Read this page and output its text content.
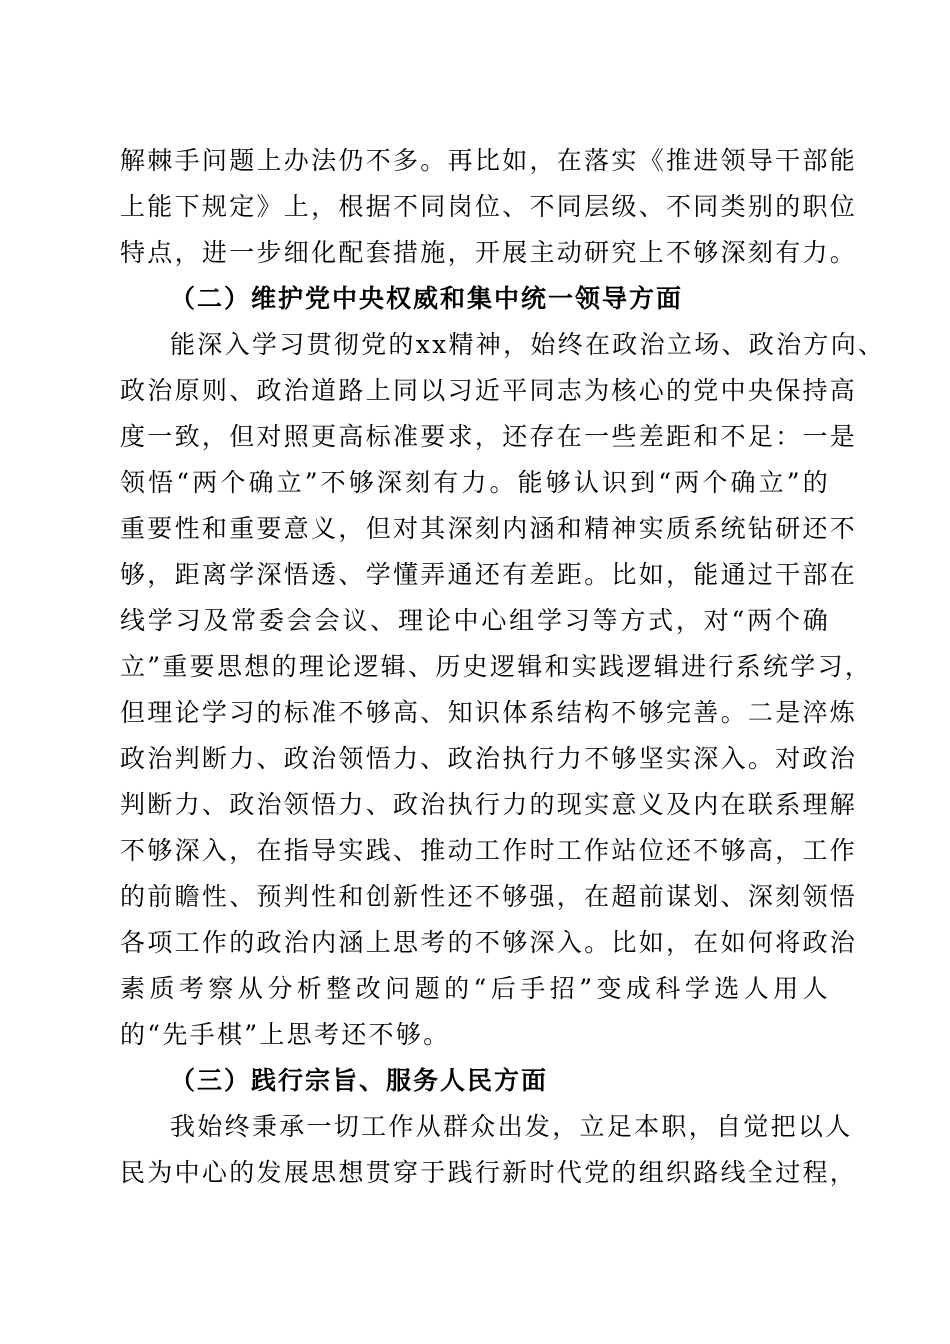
解棘手问题上办法仍不多。再比如，在落实《推进领导干部能
上能下规定》上，根据不同岗位、不同层级、不同类别的职位
特点，进一步细化配套措施，开展主动研究上不够深刻有力。
（二）维护党中央权威和集中统一领导方面
能深入学习贯彻党的xx精神，始终在政治立场、政治方向、
政治原则、政治道路上同以习近平同志为核心的党中央保持高
度一致，但对照更高标准要求，还存在一些差距和不足：一是
领悟“两个确立”不够深刻有力。能够认识到“两个确立”的
重要性和重要意义，但对其深刻内涵和精神实质系统钻研还不
够，距离学深悟透、学懂弄通还有差距。比如，能通过干部在
线学习及常委会会议、理论中心组学习等方式，对“两个确
立”重要思想的理论逻辑、历史逻辑和实践逻辑进行系统学习，
但理论学习的标准不够高、知识体系结构不够完善。二是淬炼
政治判断力、政治领悟力、政治执行力不够坚实深入。对政治
判断力、政治领悟力、政治执行力的现实意义及内在联系理解
不够深入，在指导实践、推动工作时工作站位还不够高，工作
的前瞻性、预判性和创新性还不够强，在超前谋划、深刻领悟
各项工作的政治内涵上思考的不够深入。比如，在如何将政治
素质考察从分析整改问题的“后手招”变成科学选人用人
的“先手棋”上思考还不够。
（三）践行宗旨、服务人民方面
我始终秉承一切工作从群众出发，立足本职，自觉把以人
民为中心的发展思想贯穿于践行新时代党的组织路线全过程，
